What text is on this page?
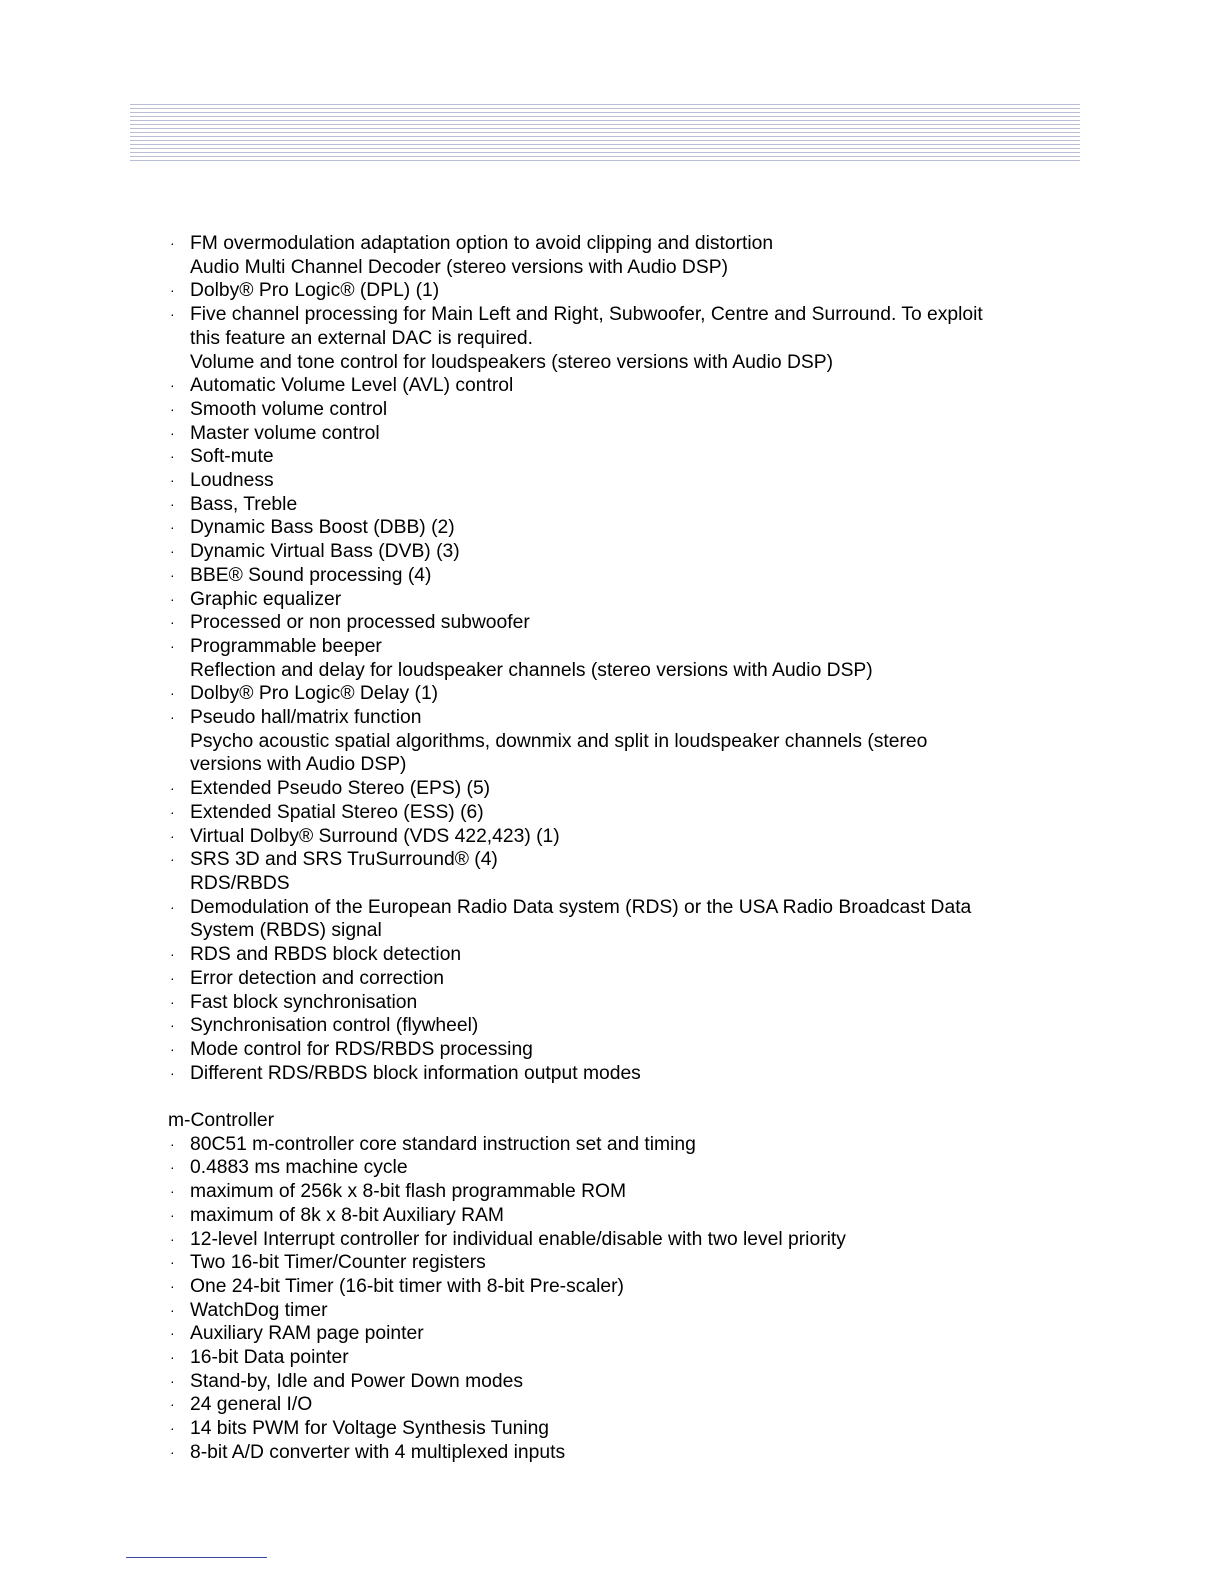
· FM overmodulation adaptation option to avoid clipping and distortion
Audio Multi Channel Decoder (stereo versions with Audio DSP)
· Dolby® Pro Logic® (DPL) (1)
· Five channel processing for Main Left and Right, Subwoofer, Centre and Surround. To exploit
this feature an external DAC is required.
Volume and tone control for loudspeakers (stereo versions with Audio DSP)
· Automatic Volume Level (AVL) control
· Smooth volume control
· Master volume control
· Soft-mute
· Loudness
· Bass, Treble
· Dynamic Bass Boost (DBB) (2)
· Dynamic Virtual Bass (DVB) (3)
· BBE® Sound processing (4)
· Graphic equalizer
· Processed or non processed subwoofer
· Programmable beeper
Reflection and delay for loudspeaker channels (stereo versions with Audio DSP)
· Dolby® Pro Logic® Delay (1)
· Pseudo hall/matrix function
Psycho acoustic spatial algorithms, downmix and split in loudspeaker channels (stereo
versions with Audio DSP)
· Extended Pseudo Stereo (EPS) (5)
· Extended Spatial Stereo (ESS) (6)
· Virtual Dolby® Surround (VDS 422,423) (1)
· SRS 3D and SRS TruSurround® (4)
RDS/RBDS
· Demodulation of the European Radio Data system (RDS) or the USA Radio Broadcast Data
System (RBDS) signal
· RDS and RBDS block detection
· Error detection and correction
· Fast block synchronisation
· Synchronisation control (flywheel)
· Mode control for RDS/RBDS processing
· Different RDS/RBDS block information output modes
m-Controller
· 80C51 m-controller core standard instruction set and timing
· 0.4883 ms machine cycle
· maximum of 256k x 8-bit flash programmable ROM
· maximum of 8k x 8-bit Auxiliary RAM
· 12-level Interrupt controller for individual enable/disable with two level priority
· Two 16-bit Timer/Counter registers
· One 24-bit Timer (16-bit timer with 8-bit Pre-scaler)
· WatchDog timer
· Auxiliary RAM page pointer
· 16-bit Data pointer
· Stand-by, Idle and Power Down modes
· 24 general I/O
· 14 bits PWM for Voltage Synthesis Tuning
· 8-bit A/D converter with 4 multiplexed inputs
